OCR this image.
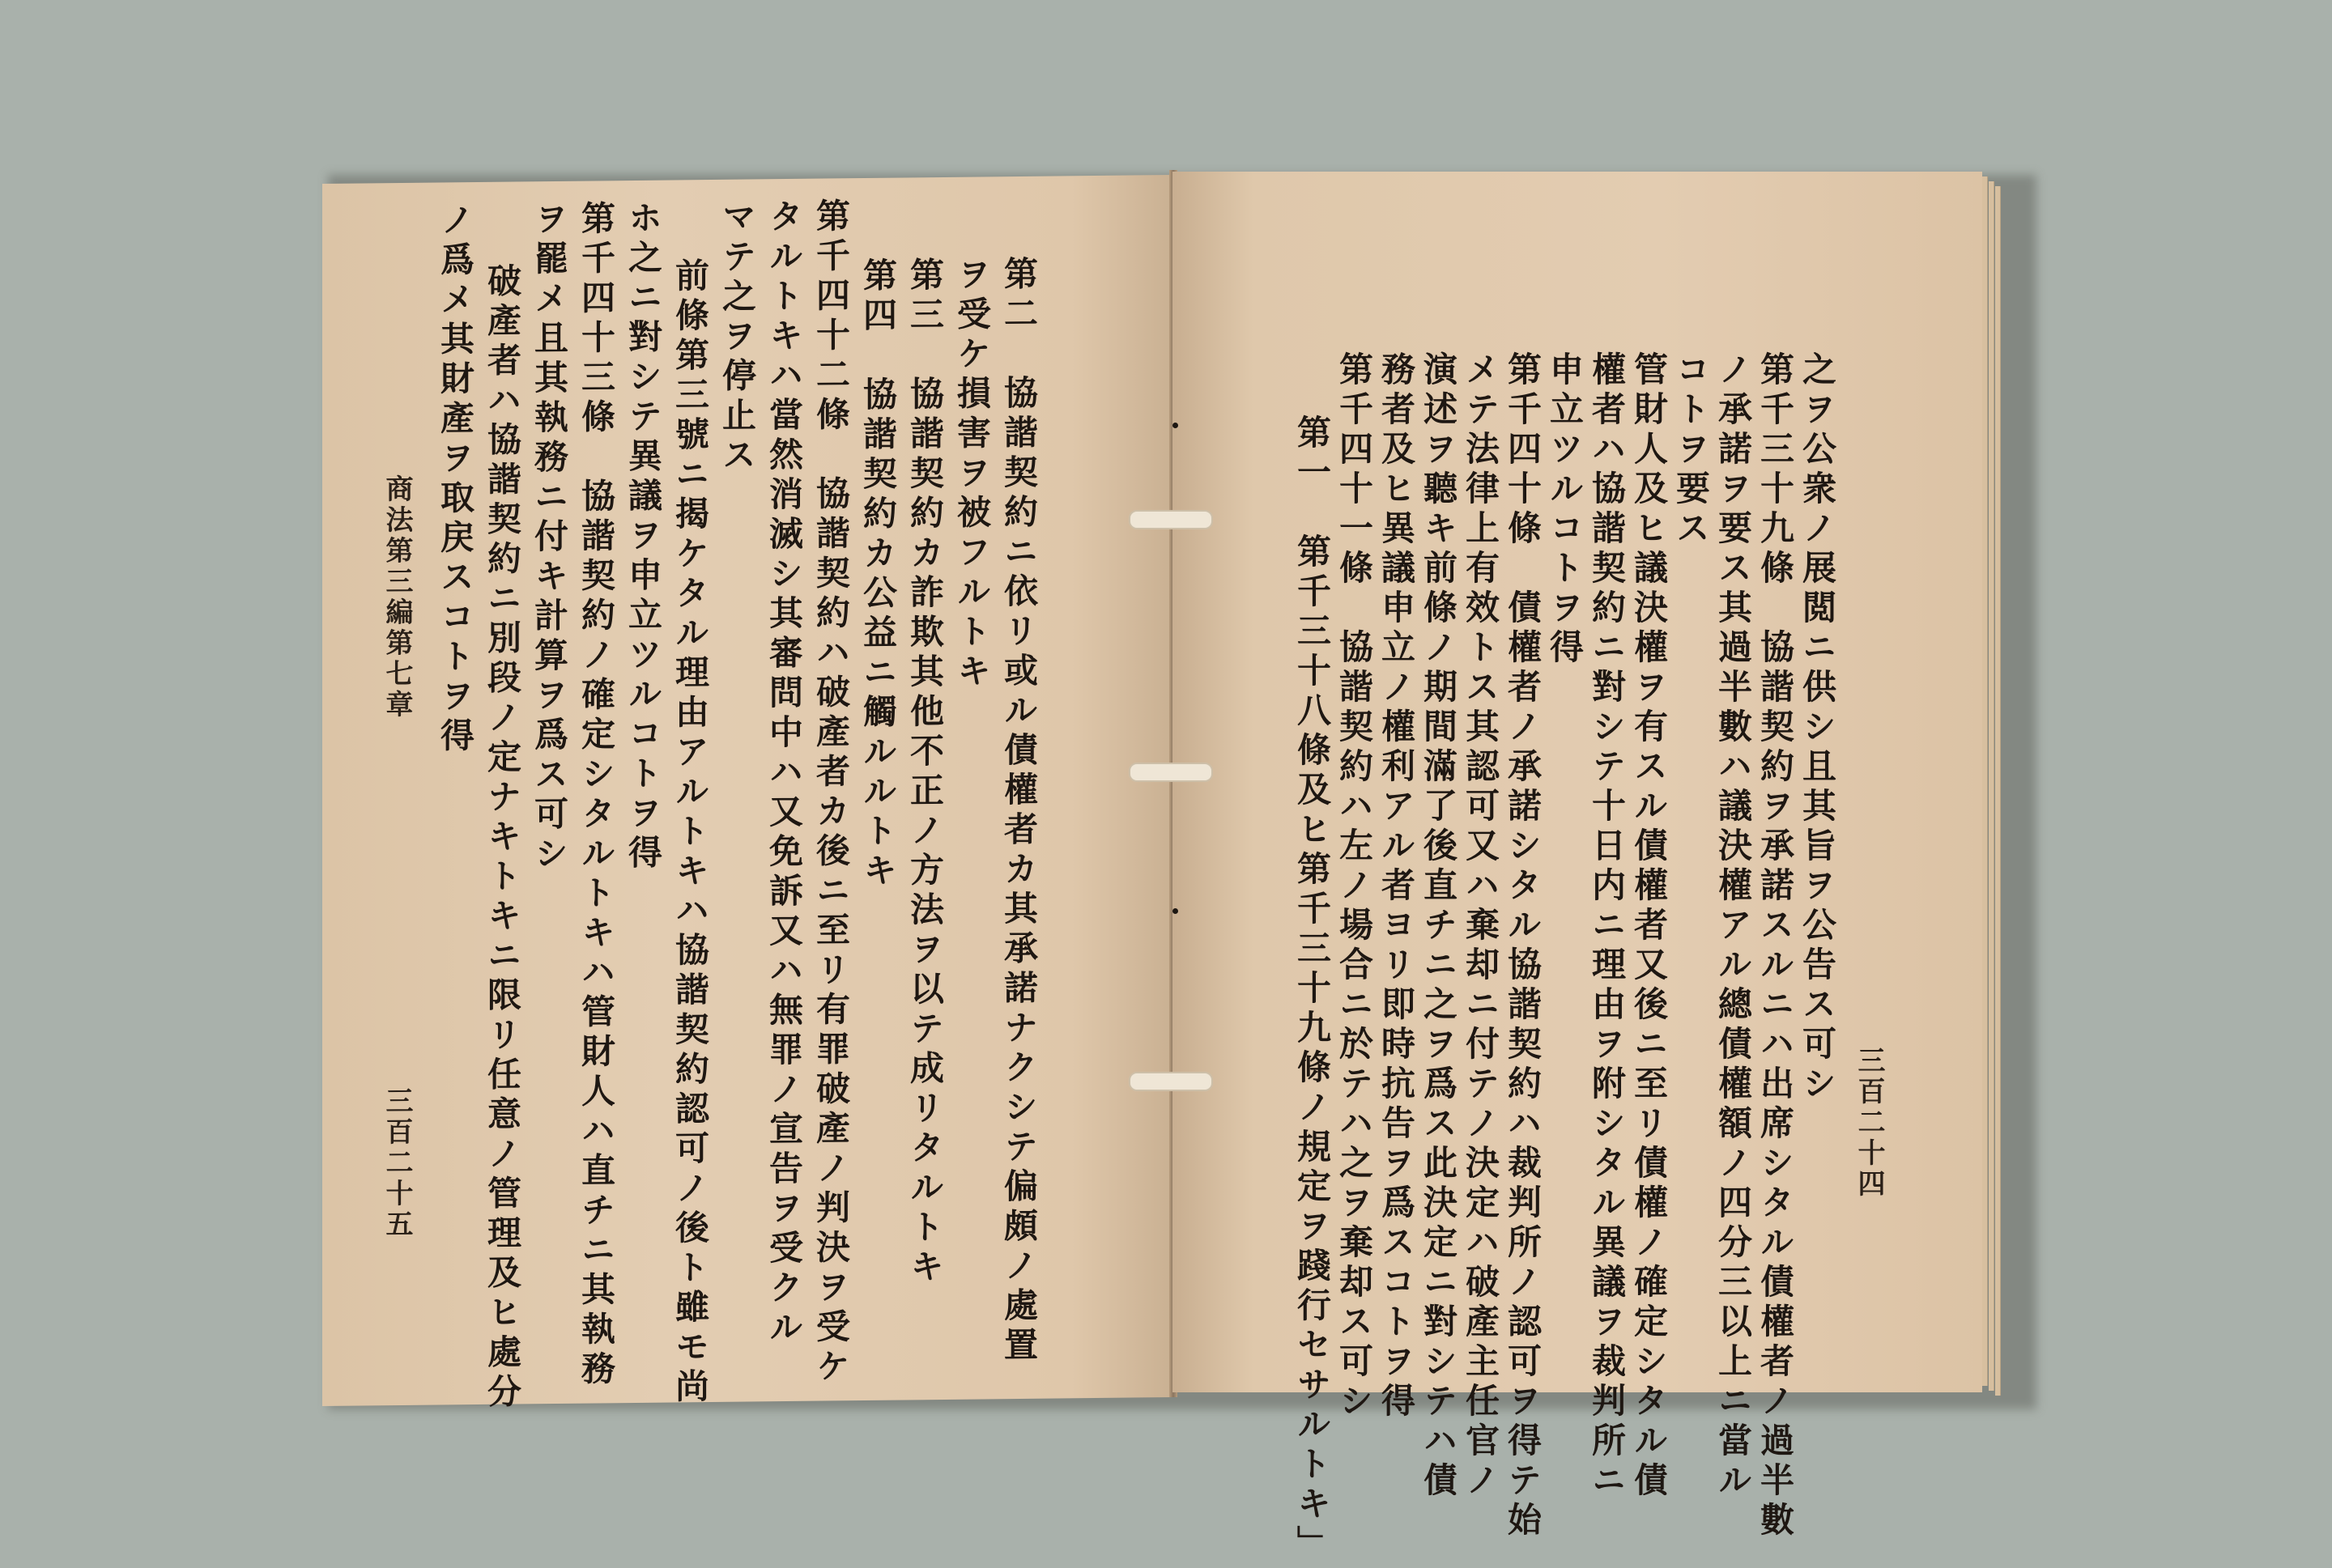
第二　協諧契約ニ依リ或ル債權者カ其承諾ナクシテ偏頗ノ處置
ヲ受ケ損害ヲ被フルトキ
第三　協諧契約カ詐欺其他不正ノ方法ヲ以テ成リタルトキ
第四　協諧契約カ公益ニ觸ルルトキ
第千四十二條　協諧契約ハ破產者カ後ニ至リ有罪破產ノ判決ヲ受ケ
タルトキハ當然消滅シ其審問中ハ又免訴又ハ無罪ノ宣告ヲ受クル
マテ之ヲ停止ス
前條第三號ニ揭ケタル理由アルトキハ協諧契約認可ノ後ト雖モ尚
ホ之ニ對シテ異議ヲ申立ツルコトヲ得
第千四十三條　協諧契約ノ確定シタルトキハ管財人ハ直チニ其執務
ヲ罷メ且其執務ニ付キ計算ヲ爲ス可シ
破產者ハ協諧契約ニ別段ノ定ナキトキニ限リ任意ノ管理及ヒ處分
ノ爲メ其財產ヲ取戻スコトヲ得
商法第三編第七章
三百二十五
之ヲ公衆ノ展閲ニ供シ且其旨ヲ公告ス可シ
第千三十九條　協諧契約ヲ承諾スルニハ出席シタル債權者ノ過半數
ノ承諾ヲ要ス其過半數ハ議決權アル總債權額ノ四分三以上ニ當ル
コトヲ要ス
管財人及ヒ議決權ヲ有スル債權者又後ニ至リ債權ノ確定シタル債
權者ハ協諧契約ニ對シテ十日内ニ理由ヲ附シタル異議ヲ裁判所ニ
申立ツルコトヲ得
第千四十條　債權者ノ承諾シタル協諧契約ハ裁判所ノ認可ヲ得テ始
メテ法律上有效トス其認可又ハ棄却ニ付テノ決定ハ破產主任官ノ
演述ヲ聽キ前條ノ期間滿了後直チニ之ヲ爲ス此決定ニ對シテハ債
務者及ヒ異議申立ノ權利アル者ヨリ即時抗告ヲ爲スコトヲ得
第千四十一條　協諧契約ハ左ノ場合ニ於テハ之ヲ棄却ス可シ
第一　第千三十八條及ヒ第千三十九條ノ規定ヲ踐行セサルトキ」	三百二十四
